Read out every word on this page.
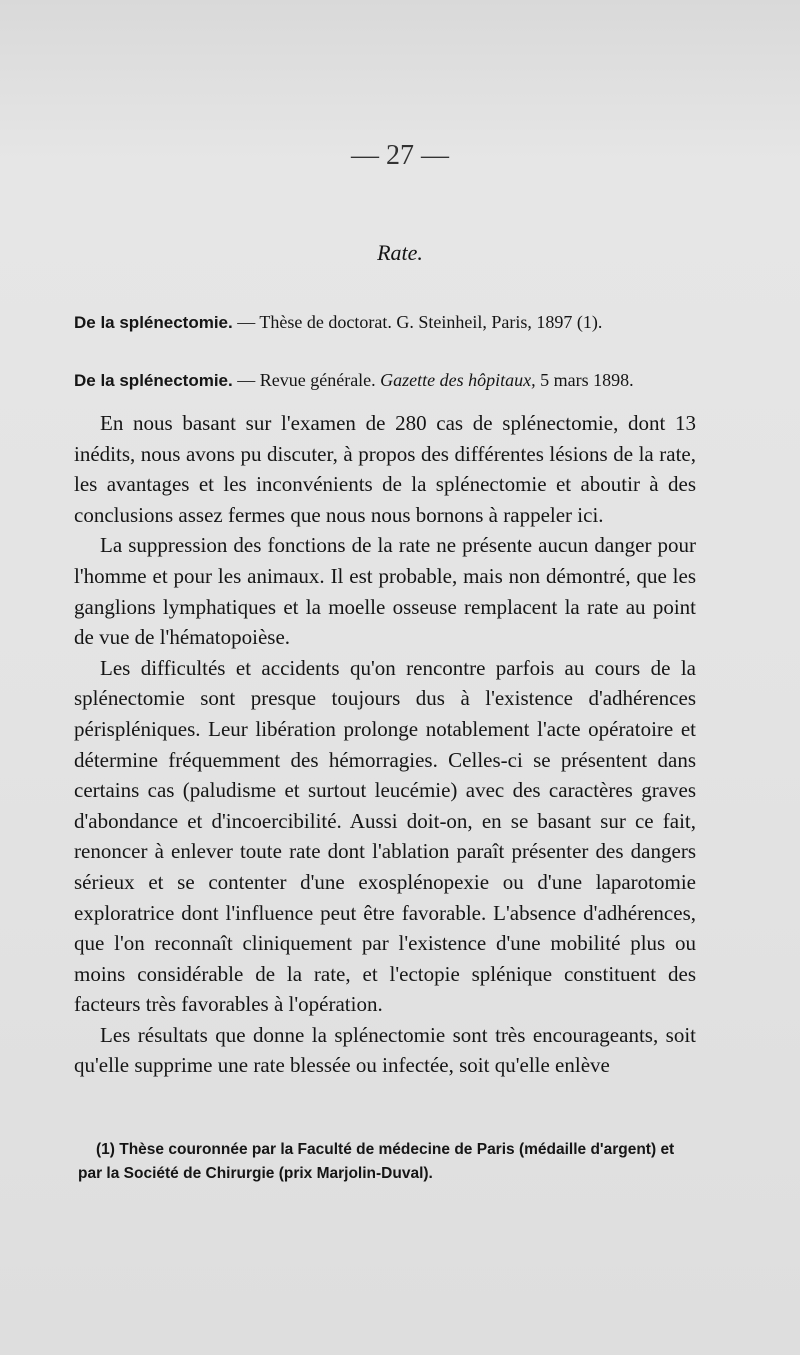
— 27 —
Rate.
De la splénectomie. — Thèse de doctorat. G. Steinheil, Paris, 1897 (1).
De la splénectomie. — Revue générale. Gazette des hôpitaux, 5 mars 1898.

En nous basant sur l'examen de 280 cas de splénectomie, dont 13 inédits, nous avons pu discuter, à propos des différentes lésions de la rate, les avantages et les inconvénients de la splénectomie et aboutir à des conclusions assez fermes que nous nous bornons à rappeler ici.

La suppression des fonctions de la rate ne présente aucun danger pour l'homme et pour les animaux. Il est probable, mais non démontré, que les ganglions lymphatiques et la moelle osseuse remplacent la rate au point de vue de l'hématopoièse.

Les difficultés et accidents qu'on rencontre parfois au cours de la splénectomie sont presque toujours dus à l'existence d'adhérences périspléniques. Leur libération prolonge notablement l'acte opératoire et détermine fréquemment des hémorragies. Celles-ci se présentent dans certains cas (paludisme et surtout leucémie) avec des caractères graves d'abondance et d'incoercibilité. Aussi doit-on, en se basant sur ce fait, renoncer à enlever toute rate dont l'ablation paraît présenter des dangers sérieux et se contenter d'une exosplénopexie ou d'une laparotomie exploratrice dont l'influence peut être favorable. L'absence d'adhérences, que l'on reconnaît cliniquement par l'existence d'une mobilité plus ou moins considérable de la rate, et l'ectopie splénique constituent des facteurs très favorables à l'opération.

Les résultats que donne la splénectomie sont très encourageants, soit qu'elle supprime une rate blessée ou infectée, soit qu'elle enlève

(1) Thèse couronnée par la Faculté de médecine de Paris (médaille d'argent) et par la Société de Chirurgie (prix Marjolin-Duval).
